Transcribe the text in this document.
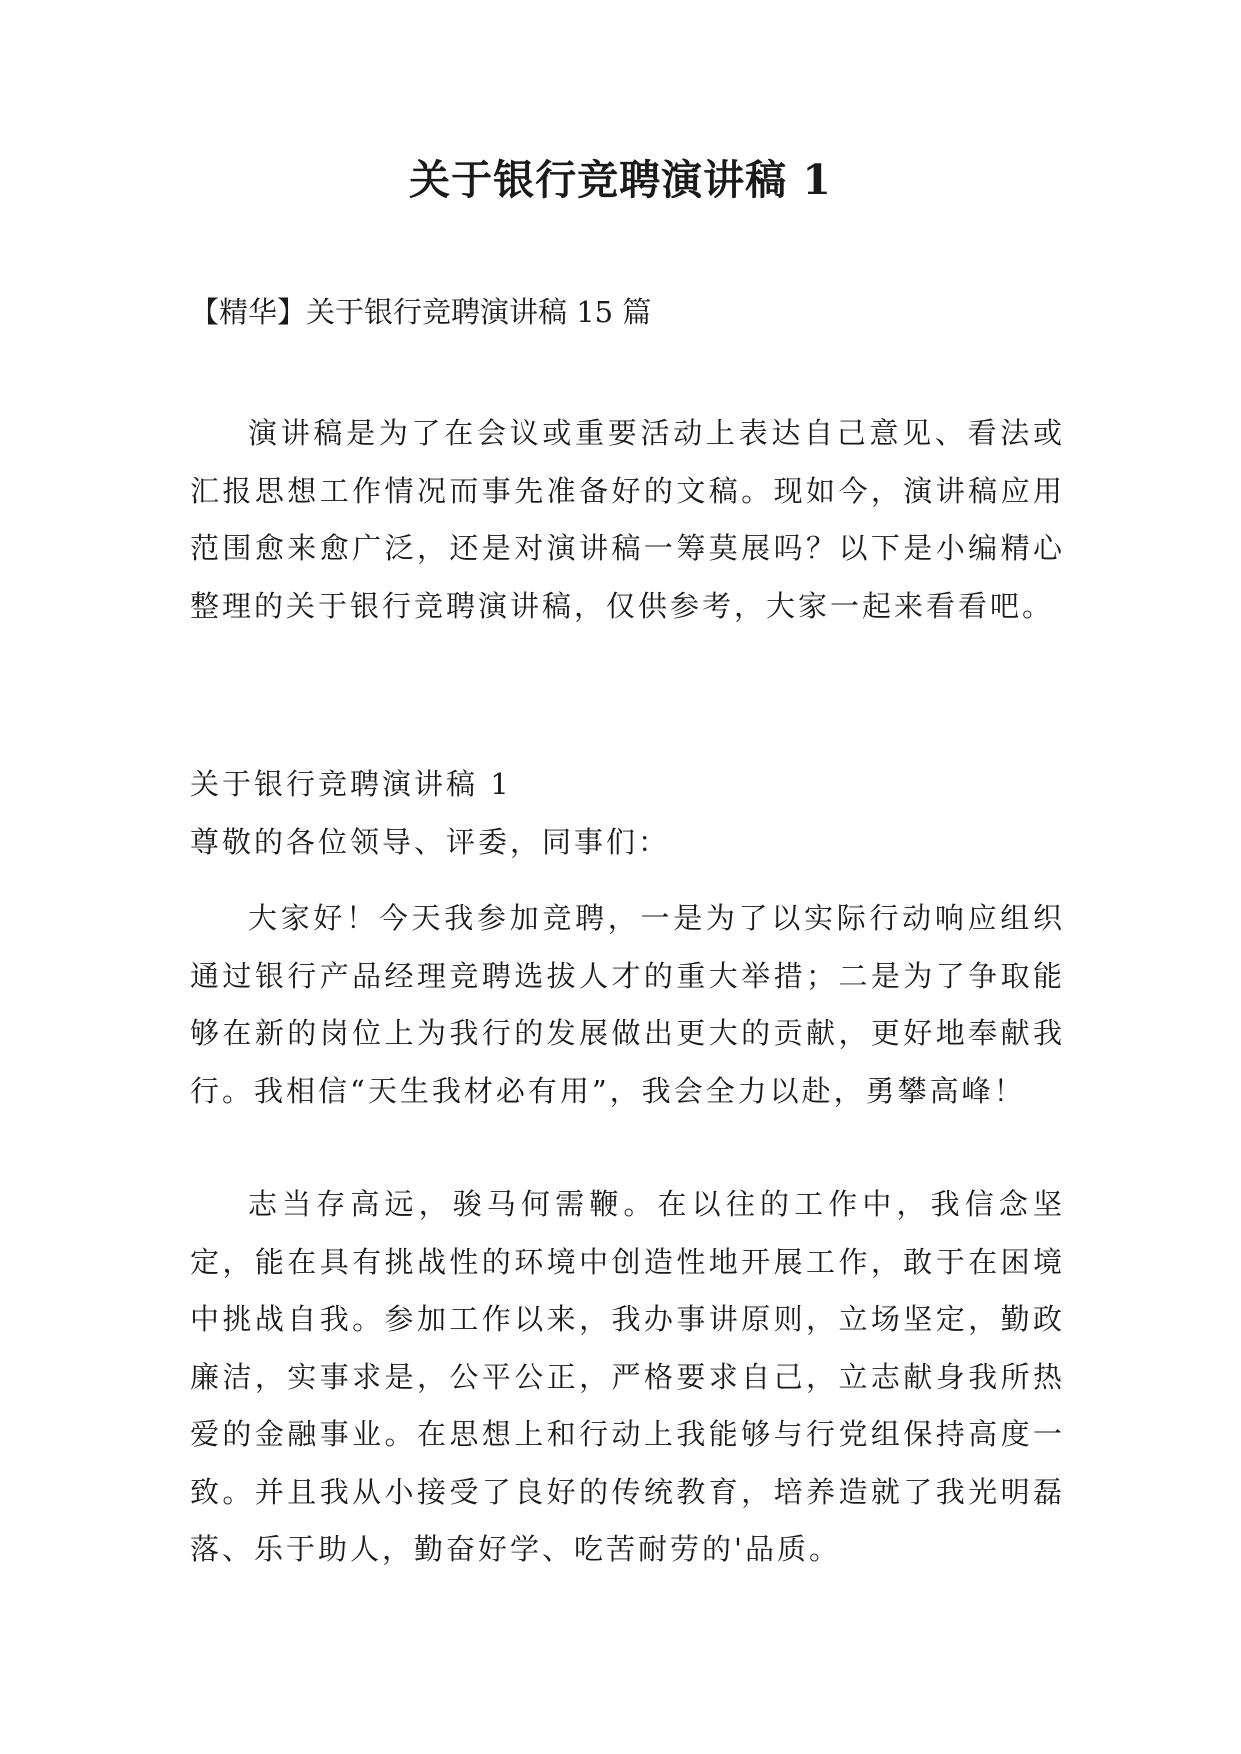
关于银行竞聘演讲稿 1

【精华】关于银行竞聘演讲稿 15 篇

演讲稿是为了在会议或重要活动上表达自己意见、看法或汇报思想工作情况而事先准备好的文稿。现如今，演讲稿应用范围愈来愈广泛，还是对演讲稿一筹莫展吗？以下是小编精心整理的关于银行竞聘演讲稿，仅供参考，大家一起来看看吧。

关于银行竞聘演讲稿 1

尊敬的各位领导、评委，同事们：

大家好！今天我参加竞聘，一是为了以实际行动响应组织通过银行产品经理竞聘选拔人才的重大举措；二是为了争取能够在新的岗位上为我行的发展做出更大的贡献，更好地奉献我行。我相信“天生我材必有用”，我会全力以赴，勇攀高峰！

志当存高远，骏马何需鞭。在以往的工作中，我信念坚定，能在具有挑战性的环境中创造性地开展工作，敢于在困境中挑战自我。参加工作以来，我办事讲原则，立场坚定，勤政廉洁，实事求是，公平公正，严格要求自己，立志献身我所热爱的金融事业。在思想上和行动上我能够与行党组保持高度一致。并且我从小接受了良好的传统教育，培养造就了我光明磊落、乐于助人，勤奋好学、吃苦耐劳的'品质。
